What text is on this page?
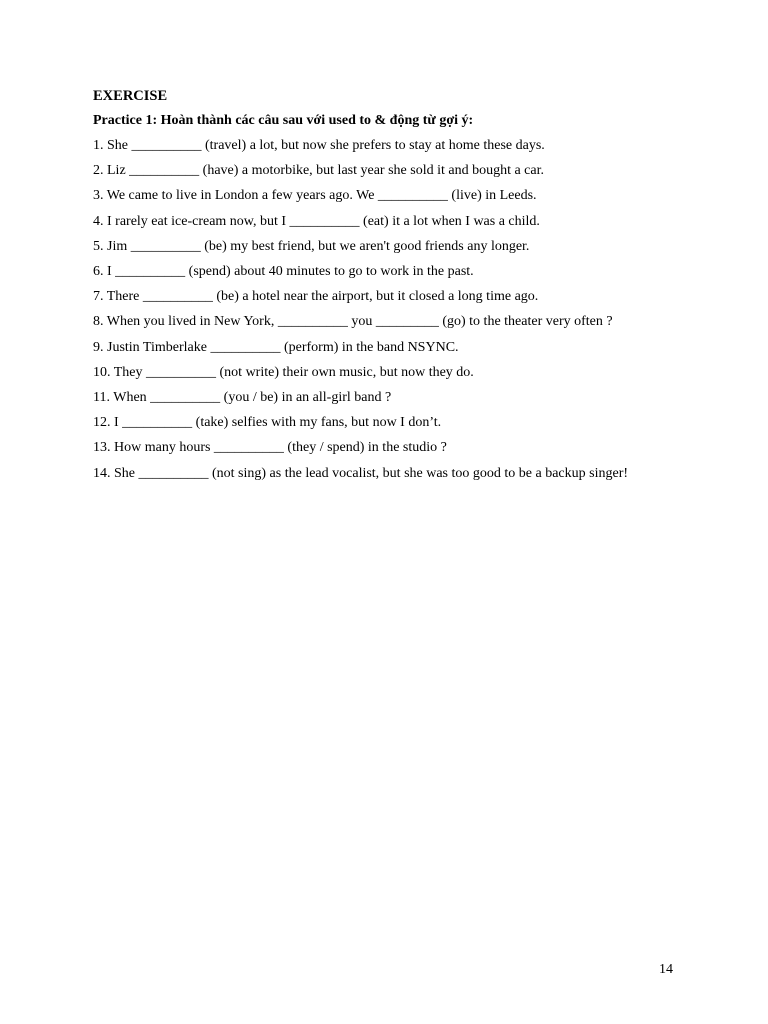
EXERCISE
Practice 1: Hoàn thành các câu sau với used to & động từ gợi ý:
1. She __________ (travel) a lot, but now she prefers to stay at home these days.
2. Liz __________ (have) a motorbike, but last year she sold it and bought a car.
3. We came to live in London a few years ago. We __________ (live) in Leeds.
4. I rarely eat ice-cream now, but I __________ (eat) it a lot when I was a child.
5. Jim __________ (be) my best friend, but we aren't good friends any longer.
6. I __________ (spend) about 40 minutes to go to work in the past.
7. There __________ (be) a hotel near the airport, but it closed a long time ago.
8. When you lived in New York, __________ you _________ (go) to the theater very often ?
9. Justin Timberlake __________ (perform) in the band NSYNC.
10. They __________ (not write) their own music, but now they do.
11. When __________ (you / be) in an all-girl band ?
12. I __________ (take) selfies with my fans, but now I don’t.
13. How many hours __________ (they / spend) in the studio ?
14. She __________ (not sing) as the lead vocalist, but she was too good to be a backup singer!
14
